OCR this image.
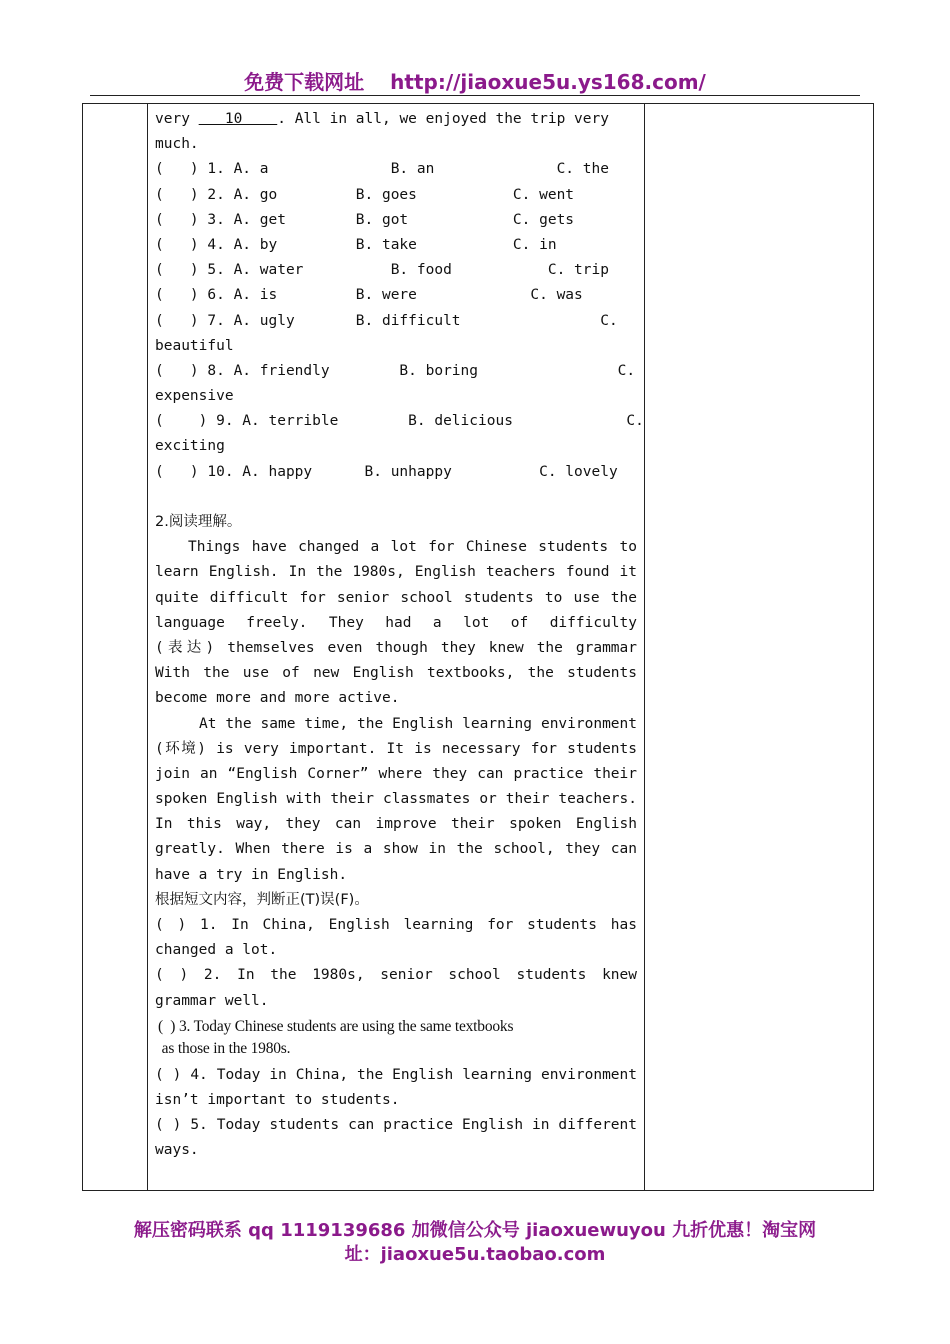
免费下载网址 http://jiaoxue5u.ys168.com/
very    10    . All in all, we enjoyed the trip very
much.
(   ) 1. A. a              B. an              C. the
(   ) 2. A. go         B. goes           C. went
(   ) 3. A. get        B. got            C. gets
(   ) 4. A. by         B. take           C. in
(   ) 5. A. water          B. food           C. trip
(   ) 6. A. is         B. were             C. was
(   ) 7. A. ugly       B. difficult                C.
beautiful
(   ) 8. A. friendly        B. boring                C.
expensive
(    ) 9. A. terrible        B. delicious             C.
exciting
(   ) 10. A. happy      B. unhappy          C. lovely
2.阅读理解。
Things have changed a lot for Chinese students to
learn English. In the 1980s, English teachers found it
quite difficult for senior school students to use the
language freely. They had a lot of difficulty
(表达) themselves even though they knew the grammar
With the use of new English textbooks, the students
become more and more active.
At the same time, the English learning environment
(环境) is very important. It is necessary for students
join an “English Corner” where they can practice their
spoken English with their classmates or their teachers.
In this way, they can improve their spoken English
greatly. When there is a show in the school, they can
have a try in English.
根据短文内容，判断正(T)误(F)。
( ) 1. In China, English learning for students has
changed a lot.
( ) 2. In the 1980s, senior school students knew
grammar well.
(  ) 3. Today Chinese students are using the same textbooks
as those in the 1980s.
( ) 4. Today in China, the English learning environment
isn’t important to students.
( ) 5. Today students can practice English in different
ways.
解压密码联系 qq 1119139686 加微信公众号 jiaoxuewuyou 九折优惠！淘宝网
址：jiaoxue5u.taobao.com
